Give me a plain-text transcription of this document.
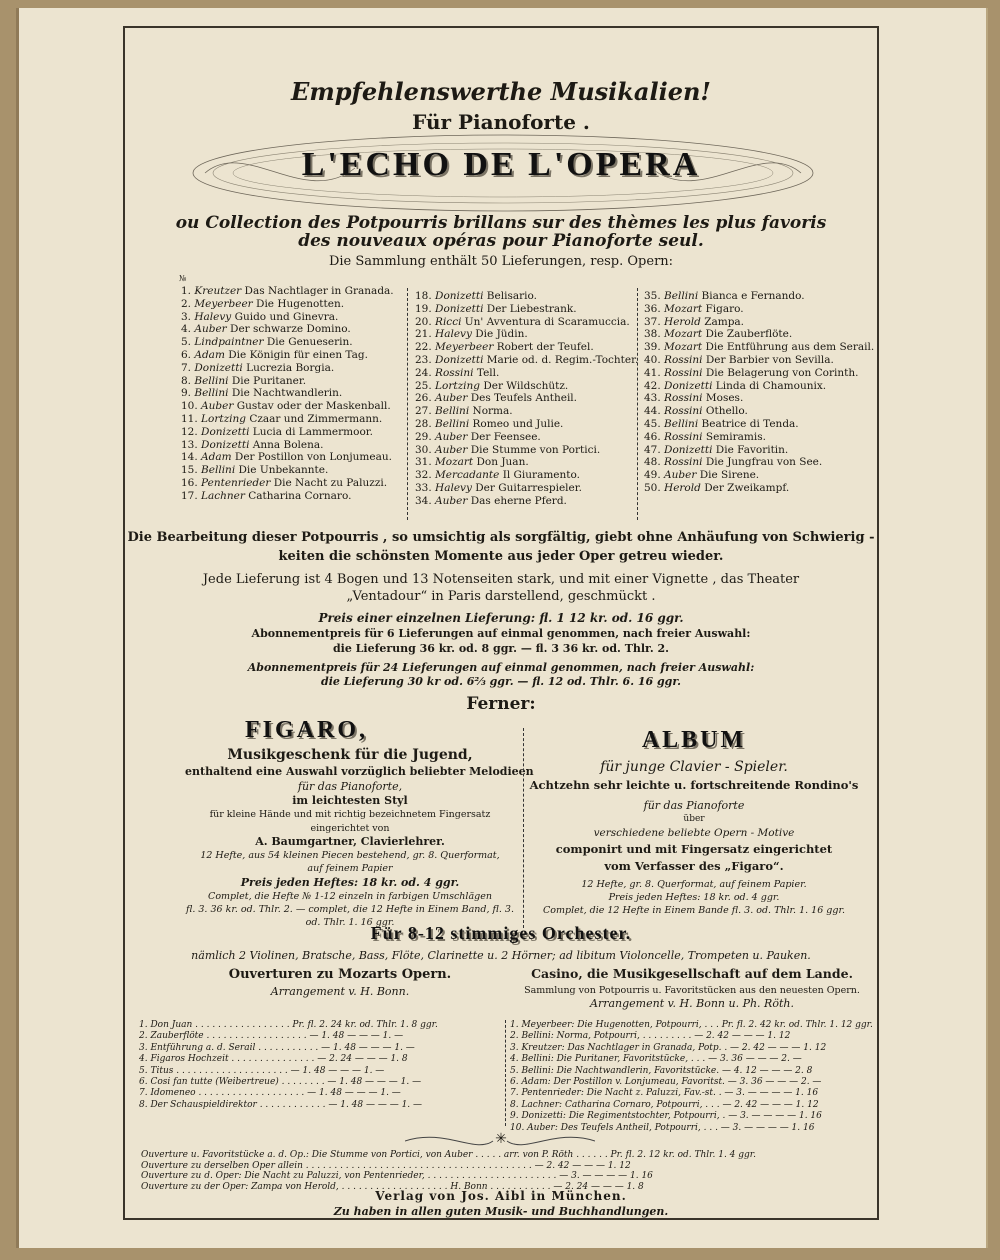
Empfehlenswerthe Musikalien!
Für Pianoforte .
L'ECHO DE L'OPERA
ou Collection des Potpourris brillans sur des thèmes les plus favoris
des nouveaux opéras pour Pianoforte seul.
Die Sammlung enthält 50 Lieferungen, resp. Opern:
№
1. Kreutzer Das Nachtlager in Granada.
2. Meyerbeer Die Hugenotten.
3. Halevy Guido und Ginevra.
4. Auber Der schwarze Domino.
5. Lindpaintner Die Genueserin.
6. Adam Die Königin für einen Tag.
7. Donizetti Lucrezia Borgia.
8. Bellini Die Puritaner.
9. Bellini Die Nachtwandlerin.
10. Auber Gustav oder der Maskenball.
11. Lortzing Czaar und Zimmermann.
12. Donizetti Lucia di Lammermoor.
13. Donizetti Anna Bolena.
14. Adam Der Postillon von Lonjumeau.
15. Bellini Die Unbekannte.
16. Pentenrieder Die Nacht zu Paluzzi.
17. Lachner Catharina Cornaro.
18. Donizetti Belisario.
19. Donizetti Der Liebestrank.
20. Ricci Un' Avventura di Scaramuccia.
21. Halevy Die Jüdin.
22. Meyerbeer Robert der Teufel.
23. Donizetti Marie od. d. Regim.-Tochter.
24. Rossini Tell.
25. Lortzing Der Wildschütz.
26. Auber Des Teufels Antheil.
27. Bellini Norma.
28. Bellini Romeo und Julie.
29. Auber Der Feensee.
30. Auber Die Stumme von Portici.
31. Mozart Don Juan.
32. Mercadante Il Giuramento.
33. Halevy Der Guitarrespieler.
34. Auber Das eherne Pferd.
35. Bellini Bianca e Fernando.
36. Mozart Figaro.
37. Herold Zampa.
38. Mozart Die Zauberflöte.
39. Mozart Die Entführung aus dem Serail.
40. Rossini Der Barbier von Sevilla.
41. Rossini Die Belagerung von Corinth.
42. Donizetti Linda di Chamounix.
43. Rossini Moses.
44. Rossini Othello.
45. Bellini Beatrice di Tenda.
46. Rossini Semiramis.
47. Donizetti Die Favoritin.
48. Rossini Die Jungfrau von See.
49. Auber Die Sirene.
50. Herold Der Zweikampf.
Die Bearbeitung dieser Potpourris , so umsichtig als sorgfältig, giebt ohne Anhäufung von Schwierig -
keiten die schönsten Momente aus jeder Oper getreu wieder.
Jede Lieferung ist 4 Bogen und 13 Notenseiten stark, und mit einer Vignette , das Theater
„Ventadour“ in Paris darstellend, geschmückt .
Preis einer einzelnen Lieferung: fl. 1 12 kr. od. 16 ggr.
Abonnementpreis für 6 Lieferungen auf einmal genommen, nach freier Auswahl:
die Lieferung 36 kr. od. 8 ggr. — fl. 3 36 kr. od. Thlr. 2.
Abonnementpreis für 24 Lieferungen auf einmal genommen, nach freier Auswahl:
die Lieferung 30 kr od. 6⅔ ggr. — fl. 12 od. Thlr. 6. 16 ggr.
Ferner:
FIGARO,
Musikgeschenk für die Jugend,
enthaltend eine Auswahl vorzüglich beliebter Melodieen
für das Pianoforte,
im leichtesten Styl
für kleine Hände und mit richtig bezeichnetem Fingersatz
eingerichtet von
A. Baumgartner, Clavierlehrer.
12 Hefte, aus 54 kleinen Piecen bestehend, gr. 8. Querformat,
auf feinem Papier
Preis jeden Heftes: 18 kr. od. 4 ggr.
Complet, die Hefte № 1-12 einzeln in farbigen Umschlägen
fl. 3. 36 kr. od. Thlr. 2. — complet, die 12 Hefte in Einem Band, fl. 3.
od. Thlr. 1. 16 ggr.
ALBUM
für junge Clavier - Spieler.
Achtzehn sehr leichte u. fortschreitende Rondino's
für das Pianoforte
über
verschiedene beliebte Opern - Motive
componirt und mit Fingersatz eingerichtet
vom Verfasser des „Figaro“.
12 Hefte, gr. 8. Querformat, auf feinem Papier.
Preis jeden Heftes: 18 kr. od. 4 ggr.
Complet, die 12 Hefte in Einem Bande fl. 3. od. Thlr. 1. 16 ggr.
Für 8-12 stimmiges Orchester.
nämlich 2 Violinen, Bratsche, Bass, Flöte, Clarinette u. 2 Hörner; ad libitum Violoncelle, Trompeten u. Pauken.
Ouverturen zu Mozarts Opern.
Arrangement v. H. Bonn.
Casino, die Musikgesellschaft auf dem Lande.
Sammlung von Potpourris u. Favoritstücken aus den neuesten Opern.
Arrangement v. H. Bonn u. Ph. Röth.
1. Don Juan . . . . . . . . . . . . . . . . . Pr. fl. 2. 24 kr. od. Thlr. 1. 8 ggr.
2. Zauberflöte . . . . . . . . . . . . . . . . . . — 1. 48 — — — 1. —
3. Entführung a. d. Serail . . . . . . . . . . . — 1. 48 — — — 1. —
4. Figaros Hochzeit . . . . . . . . . . . . . . . — 2. 24 — — — 1. 8
5. Titus . . . . . . . . . . . . . . . . . . . . — 1. 48 — — — 1. —
6. Cosi fan tutte (Weibertreue) . . . . . . . . — 1. 48 — — — 1. —
7. Idomeneo . . . . . . . . . . . . . . . . . . . — 1. 48 — — — 1. —
8. Der Schauspieldirektor . . . . . . . . . . . . — 1. 48 — — — 1. —
1. Meyerbeer: Die Hugenotten, Potpourri, . . . Pr. fl. 2. 42 kr. od. Thlr. 1. 12 ggr.
2. Bellini: Norma, Potpourri, . . . . . . . . . — 2. 42 — — — 1. 12
3. Kreutzer: Das Nachtlager in Granada, Potp. . — 2. 42 — — — 1. 12
4. Bellini: Die Puritaner, Favoritstücke, . . . — 3. 36 — — — 2. —
5. Bellini: Die Nachtwandlerin, Favoritstücke. — 4. 12 — — — 2. 8
6. Adam: Der Postillon v. Lonjumeau, Favoritst. — 3. 36 — — — 2. —
7. Pentenrieder: Die Nacht z. Paluzzi, Fav.-st. . — 3. — — — — 1. 16
8. Lachner: Catharina Cornaro, Potpourri, . . . — 2. 42 — — — 1. 12
9. Donizetti: Die Regimentstochter, Potpourri, . — 3. — — — — 1. 16
10. Auber: Des Teufels Antheil, Potpourri, . . . — 3. — — — — 1. 16
✳
Ouverture u. Favoritstücke a. d. Op.: Die Stumme von Portici, von Auber . . . . . arr. von P. Röth . . . . . . Pr. fl. 2. 12 kr. od. Thlr. 1. 4 ggr.
Ouverture zu derselben Oper allein . . . . . . . . . . . . . . . . . . . . . . . . . . . . . . . . . . . . . . . . — 2. 42 — — — 1. 12
Ouverture zu d. Oper: Die Nacht zu Paluzzi, von Pentenrieder, . . . . . . . . . . . . . . . . . . . . . . . — 3. — — — — 1. 16
Ouverture zu der Oper: Zampa von Herold, . . . . . . . . . . . . . . . . . . . H. Bonn . . . . . . . . . . . — 2. 24 — — — 1. 8
Verlag von Jos. Aibl in München.
Zu haben in allen guten Musik- und Buchhandlungen.
